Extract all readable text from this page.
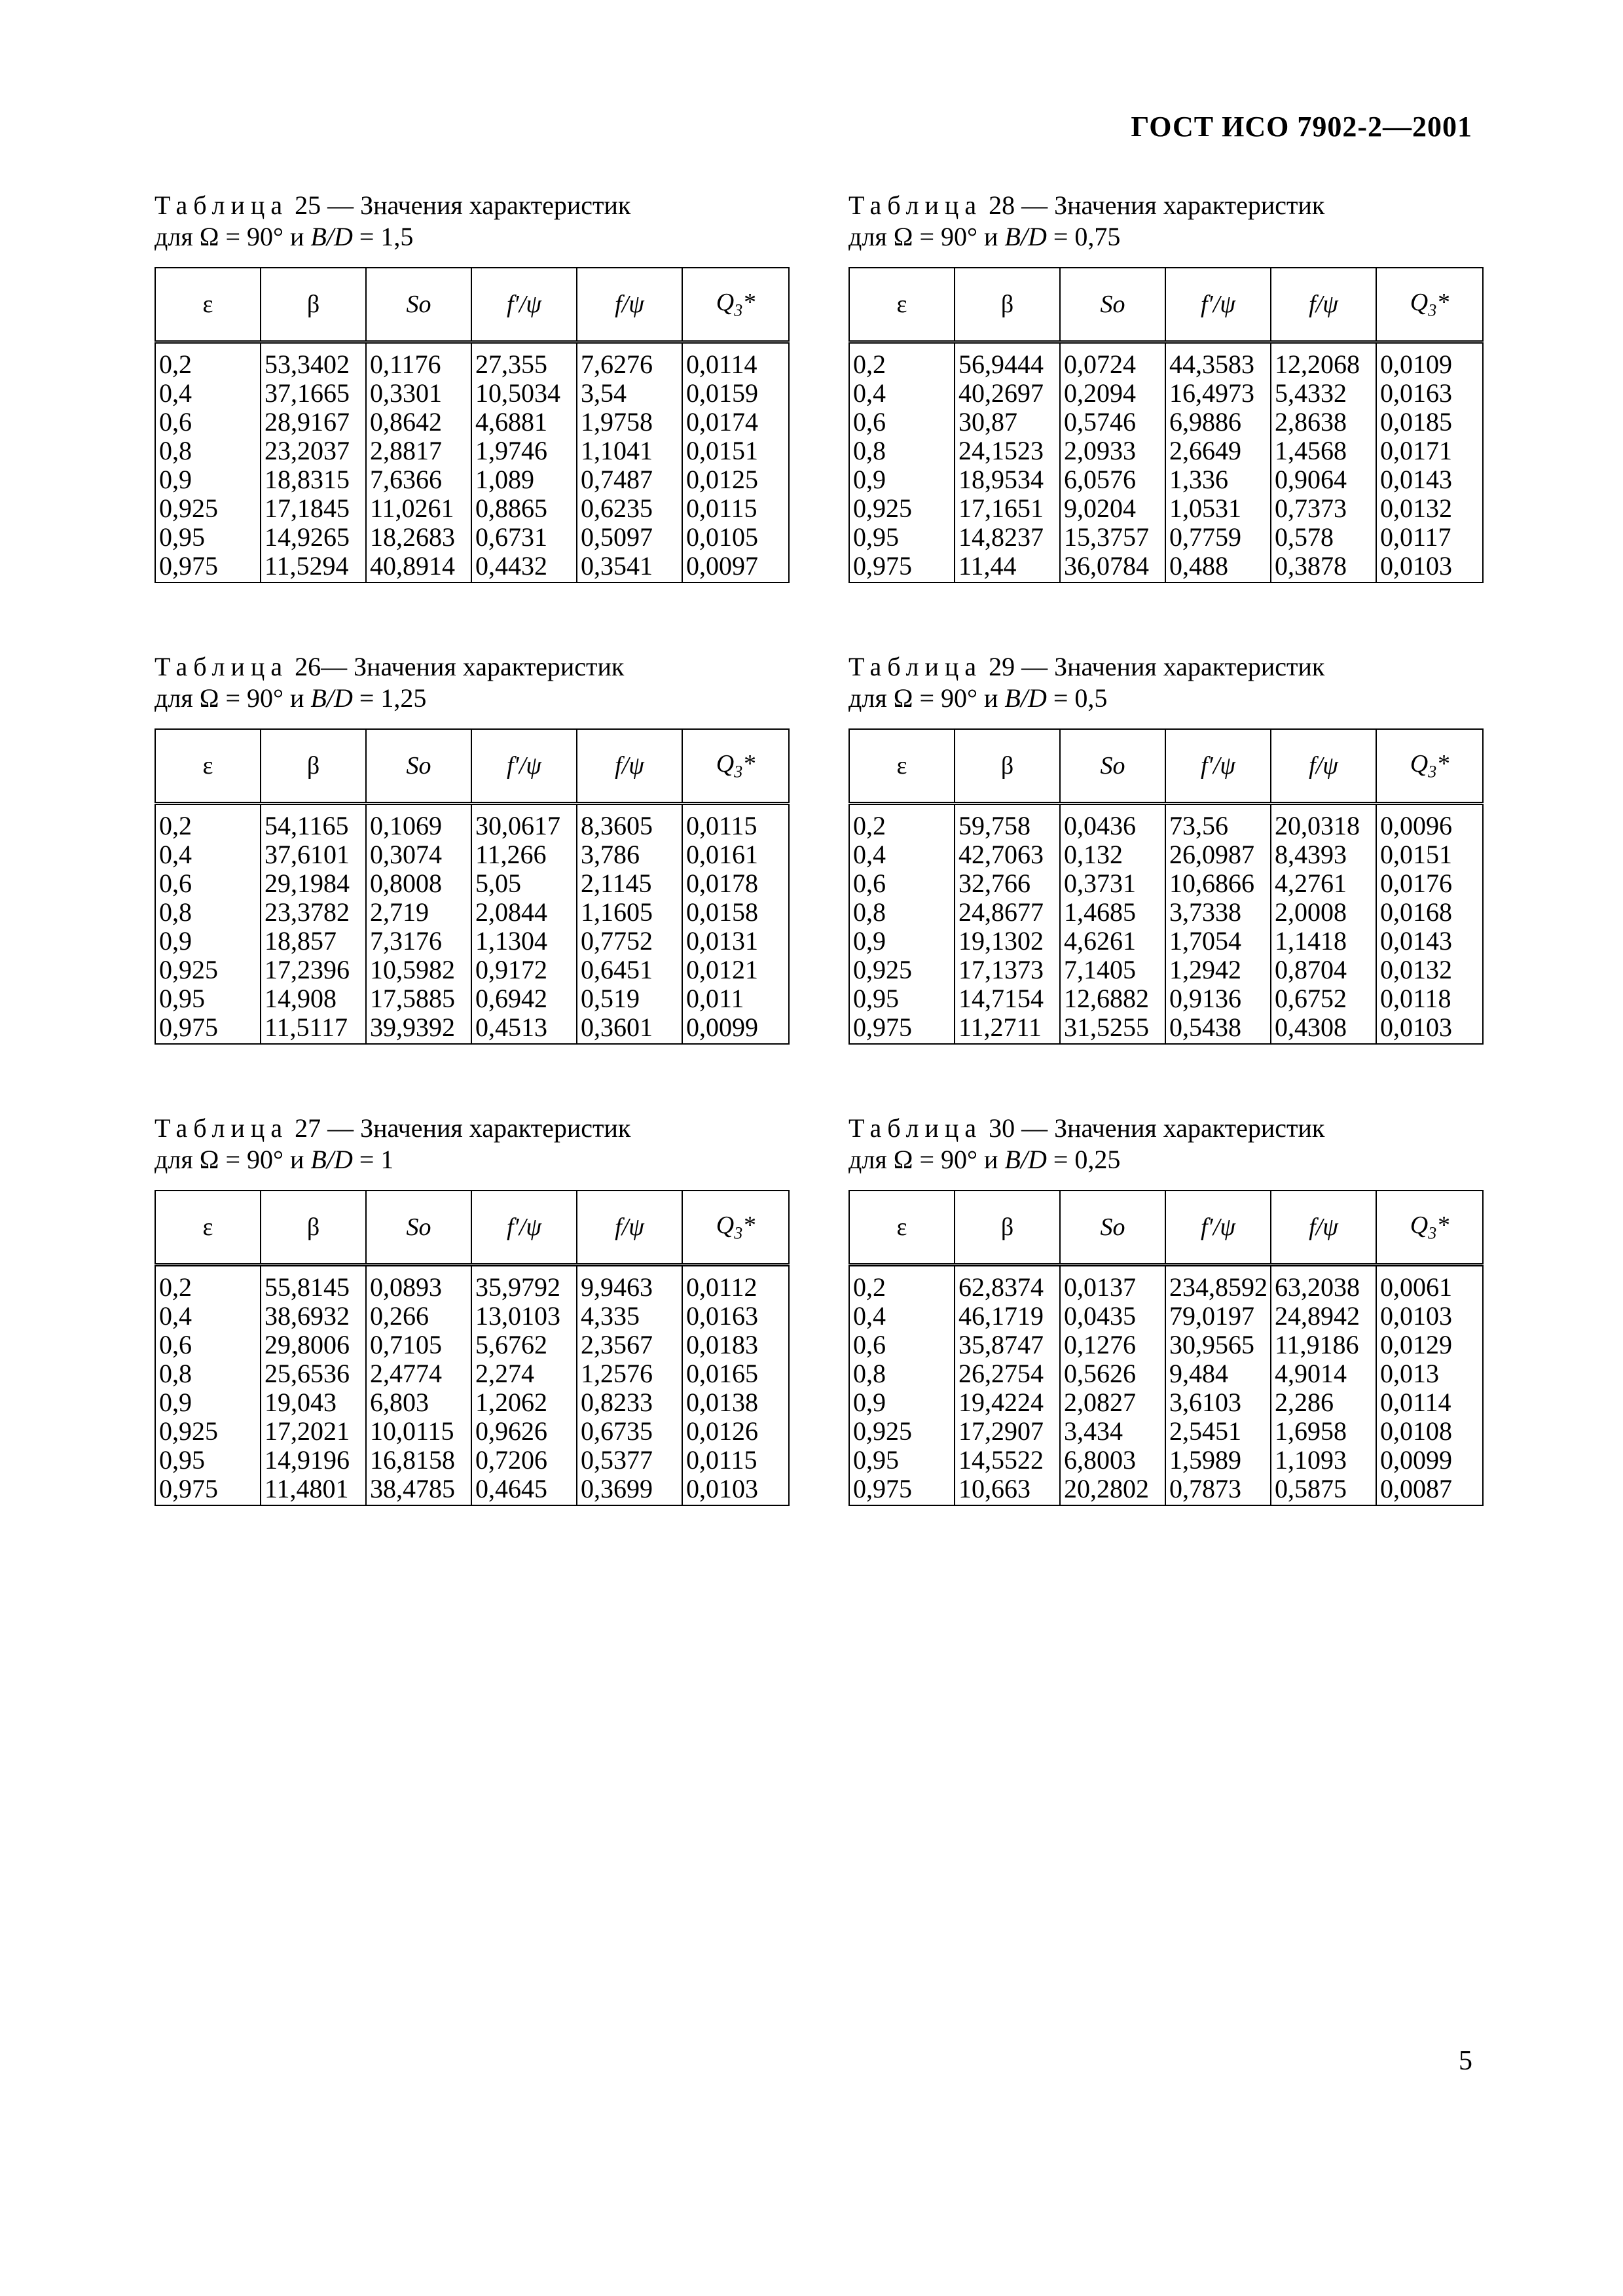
ГОСТ ИСО 7902-2—2001
Таблица 25 — Значения характеристик
для Ω = 90° и B/D = 1,5
ε	β	So	f′/ψ	f/ψ	$Q_3*$
0,2	53,3402	0,1176	27,355	7,6276	0,0114
0,4	37,1665	0,3301	10,5034	3,54	0,0159
0,6	28,9167	0,8642	4,6881	1,9758	0,0174
0,8	23,2037	2,8817	1,9746	1,1041	0,0151
0,9	18,8315	7,6366	1,089	0,7487	0,0125
0,925	17,1845	11,0261	0,8865	0,6235	0,0115
0,95	14,9265	18,2683	0,6731	0,5097	0,0105
0,975	11,5294	40,8914	0,4432	0,3541	0,0097
Таблица 28 — Значения характеристик
для Ω = 90° и B/D = 0,75
ε	β	So	f′/ψ	f/ψ	$Q_3*$
0,2	56,9444	0,0724	44,3583	12,2068	0,0109
0,4	40,2697	0,2094	16,4973	5,4332	0,0163
0,6	30,87	0,5746	6,9886	2,8638	0,0185
0,8	24,1523	2,0933	2,6649	1,4568	0,0171
0,9	18,9534	6,0576	1,336	0,9064	0,0143
0,925	17,1651	9,0204	1,0531	0,7373	0,0132
0,95	14,8237	15,3757	0,7759	0,578	0,0117
0,975	11,44	36,0784	0,488	0,3878	0,0103
Таблица 26— Значения характеристик
для Ω = 90° и B/D = 1,25
ε	β	So	f′/ψ	f/ψ	$Q_3*$
0,2	54,1165	0,1069	30,0617	8,3605	0,0115
0,4	37,6101	0,3074	11,266	3,786	0,0161
0,6	29,1984	0,8008	5,05	2,1145	0,0178
0,8	23,3782	2,719	2,0844	1,1605	0,0158
0,9	18,857	7,3176	1,1304	0,7752	0,0131
0,925	17,2396	10,5982	0,9172	0,6451	0,0121
0,95	14,908	17,5885	0,6942	0,519	0,011
0,975	11,5117	39,9392	0,4513	0,3601	0,0099
Таблица 29 — Значения характеристик
для Ω = 90° и B/D = 0,5
ε	β	So	f′/ψ	f/ψ	$Q_3*$
0,2	59,758	0,0436	73,56	20,0318	0,0096
0,4	42,7063	0,132	26,0987	8,4393	0,0151
0,6	32,766	0,3731	10,6866	4,2761	0,0176
0,8	24,8677	1,4685	3,7338	2,0008	0,0168
0,9	19,1302	4,6261	1,7054	1,1418	0,0143
0,925	17,1373	7,1405	1,2942	0,8704	0,0132
0,95	14,7154	12,6882	0,9136	0,6752	0,0118
0,975	11,2711	31,5255	0,5438	0,4308	0,0103
Таблица 27 — Значения характеристик
для Ω = 90° и B/D = 1
ε	β	So	f′/ψ	f/ψ	$Q_3*$
0,2	55,8145	0,0893	35,9792	9,9463	0,0112
0,4	38,6932	0,266	13,0103	4,335	0,0163
0,6	29,8006	0,7105	5,6762	2,3567	0,0183
0,8	25,6536	2,4774	2,274	1,2576	0,0165
0,9	19,043	6,803	1,2062	0,8233	0,0138
0,925	17,2021	10,0115	0,9626	0,6735	0,0126
0,95	14,9196	16,8158	0,7206	0,5377	0,0115
0,975	11,4801	38,4785	0,4645	0,3699	0,0103
Таблица 30 — Значения характеристик
для Ω = 90° и B/D = 0,25
ε	β	So	f′/ψ	f/ψ	$Q_3*$
0,2	62,8374	0,0137	234,8592	63,2038	0,0061
0,4	46,1719	0,0435	79,0197	24,8942	0,0103
0,6	35,8747	0,1276	30,9565	11,9186	0,0129
0,8	26,2754	0,5626	9,484	4,9014	0,013
0,9	19,4224	2,0827	3,6103	2,286	0,0114
0,925	17,2907	3,434	2,5451	1,6958	0,0108
0,95	14,5522	6,8003	1,5989	1,1093	0,0099
0,975	10,663	20,2802	0,7873	0,5875	0,0087
5
